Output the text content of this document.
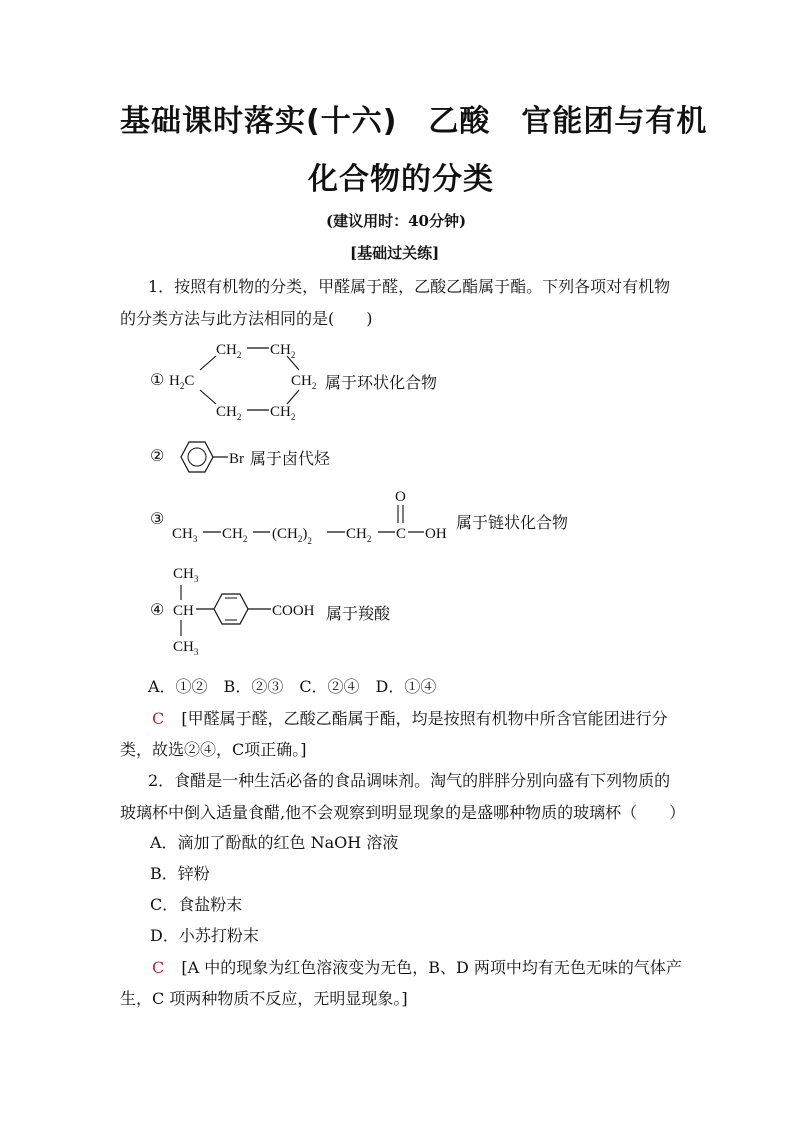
基础课时落实(十六)　乙酸　官能团与有机
化合物的分类
(建议用时：40分钟)
[基础过关练]
1．按照有机物的分类，甲醛属于醛，乙酸乙酯属于酯。下列各项对有机物
的分类方法与此方法相同的是(　　)
①
$CH_2$ $CH_2$
$H_2C$	$CH_2$
$CH_2$ $CH_2$
②	Br
③
$CH_3$ $CH_2$ $(CH_2)_2$ $CH_2$ C OH
O
④
$CH_3$
CH
$CH_3$
COOH
属于环状化合物
属于卤代烃
属于链状化合物
属于羧酸
A．①②　B．②③　C．②④　D．①④
C [甲醛属于醛，乙酸乙酯属于酯，均是按照有机物中所含官能团进行分
类，故选②④，C项正确。]
2．食醋是一种生活必备的食品调味剂。淘气的胖胖分别向盛有下列物质的
玻璃杯中倒入适量食醋,他不会观察到明显现象的是盛哪种物质的玻璃杯（　　）
A．滴加了酚酞的红色 NaOH 溶液
B．锌粉
C．食盐粉末
D．小苏打粉末
C [A 中的现象为红色溶液变为无色，B、D 两项中均有无色无味的气体产
生，C 项两种物质不反应，无明显现象。]
